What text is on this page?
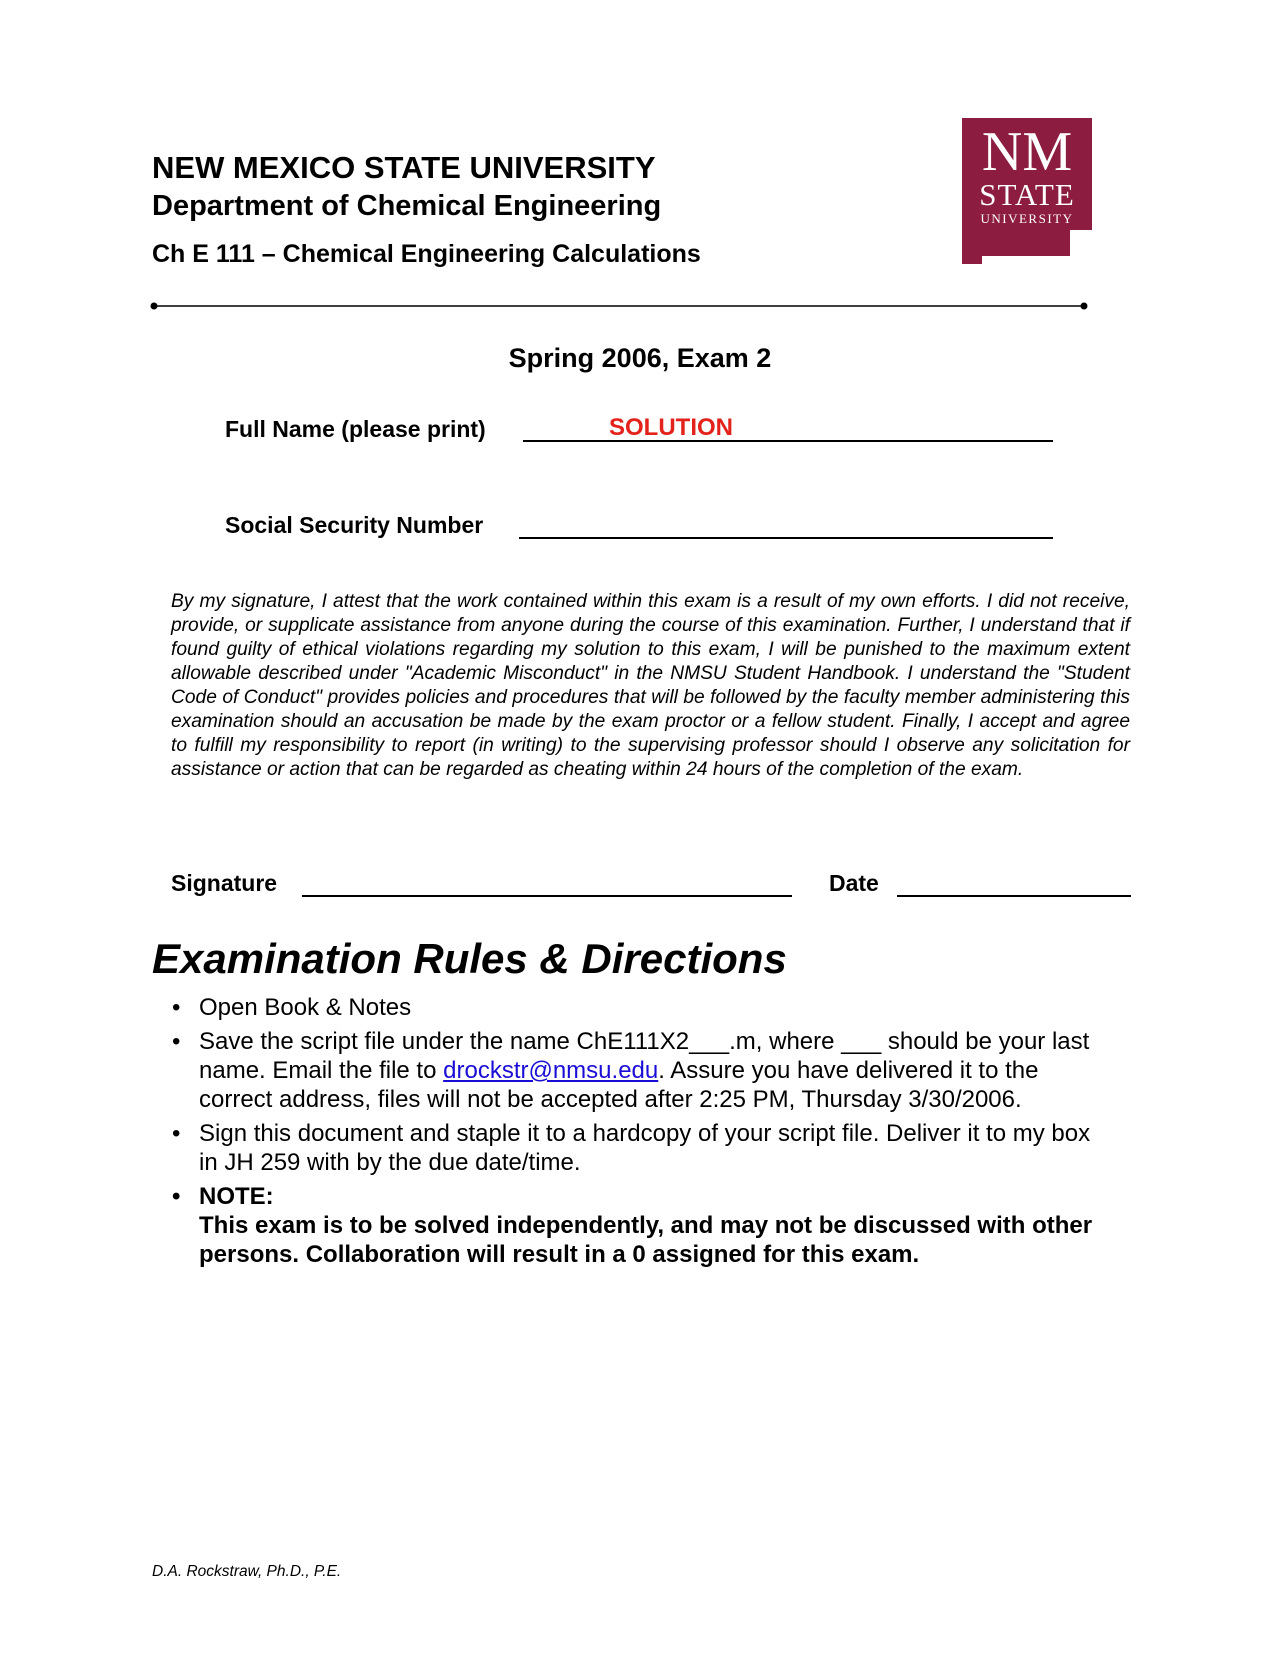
NEW MEXICO STATE UNIVERSITY
Department of Chemical Engineering
Ch E 111 – Chemical Engineering Calculations
NM
STATE
UNIVERSITY
Spring 2006, Exam 2
Full Name (please print)	SOLUTION
Social Security Number
By my signature, I attest that the work contained within this exam is a result of my own efforts. I did not receive, provide, or supplicate assistance from anyone during the course of this examination. Further, I understand that if found guilty of ethical violations regarding my solution to this exam, I will be punished to the maximum extent allowable described under "Academic Misconduct" in the NMSU Student Handbook. I understand the "Student Code of Conduct" provides policies and procedures that will be followed by the faculty member administering this examination should an accusation be made by the exam proctor or a fellow student. Finally, I accept and agree to fulfill my responsibility to report (in writing) to the supervising professor should I observe any solicitation for assistance or action that can be regarded as cheating within 24 hours of the completion of the exam.
Signature	Date
Examination Rules & Directions
• Open Book & Notes
• Save the script file under the name ChE111X2___.m, where ___ should be your last name. Email the file to drockstr@nmsu.edu. Assure you have delivered it to the correct address, files will not be accepted after 2:25 PM, Thursday 3/30/2006.
• Sign this document and staple it to a hardcopy of your script file. Deliver it to my box in JH 259 with by the due date/time.
• NOTE:
This exam is to be solved independently, and may not be discussed with other persons. Collaboration will result in a 0 assigned for this exam.
D.A. Rockstraw, Ph.D., P.E.
